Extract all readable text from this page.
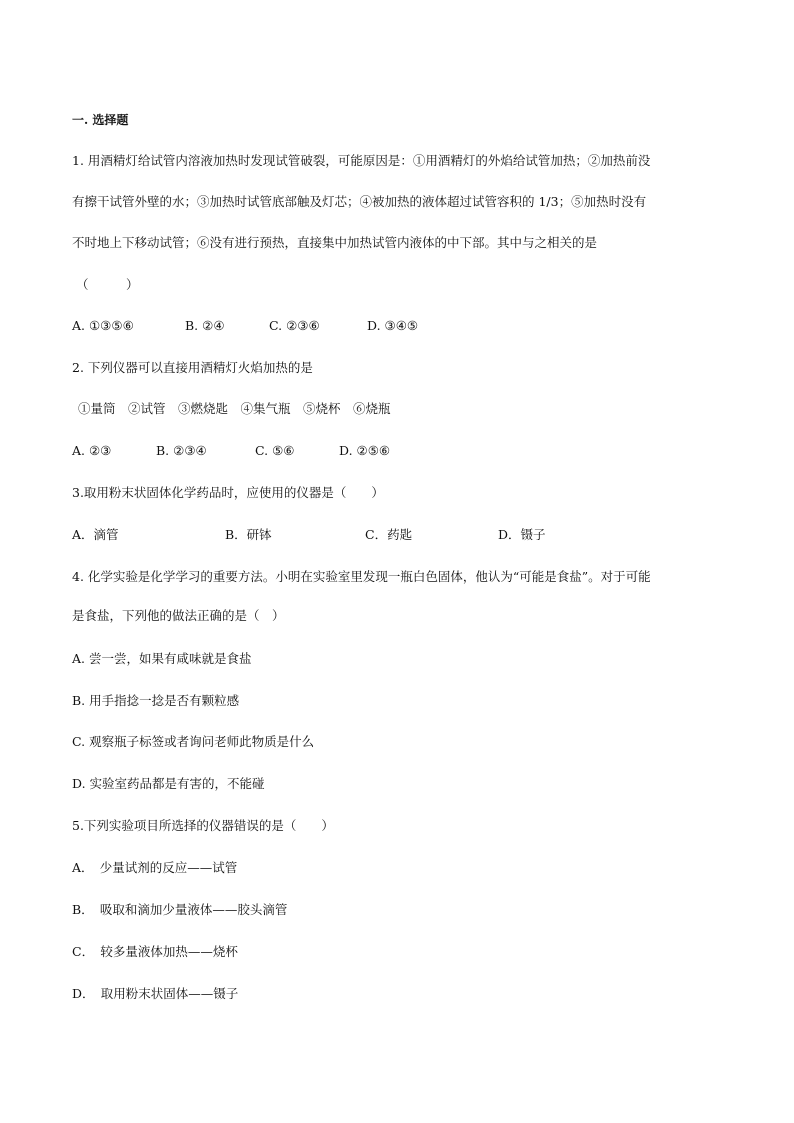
一. 选择题
1. 用酒精灯给试管内溶液加热时发现试管破裂，可能原因是：①用酒精灯的外焰给试管加热；②加热前没
有擦干试管外壁的水；③加热时试管底部触及灯芯；④被加热的液体超过试管容积的 1/3；⑤加热时没有
不时地上下移动试管；⑥没有进行预热，直接集中加热试管内液体的中下部。其中与之相关的是
（　　　）
A. ①③⑤⑥	B. ②④	C. ②③⑥	D. ③④⑤
2. 下列仪器可以直接用酒精灯火焰加热的是
①量筒　②试管　③燃烧匙　④集气瓶　⑤烧杯　⑥烧瓶
A. ②③	B. ②③④	C. ⑤⑥	D. ②⑤⑥
3.取用粉末状固体化学药品时，应使用的仪器是（　　）
A．滴管	B．研钵	C．药匙	D．镊子
4. 化学实验是化学学习的重要方法。小明在实验室里发现一瓶白色固体，他认为“可能是食盐”。对于可能
是食盐，下列他的做法正确的是（　）
A. 尝一尝，如果有咸味就是食盐
B. 用手指捻一捻是否有颗粒感
C. 观察瓶子标签或者询问老师此物质是什么
D. 实验室药品都是有害的，不能碰
5.下列实验项目所选择的仪器错误的是（　　）
A．　少量试剂的反应——试管
B．　吸取和滴加少量液体——胶头滴管
C．　较多量液体加热——烧杯
D．　取用粉末状固体——镊子
